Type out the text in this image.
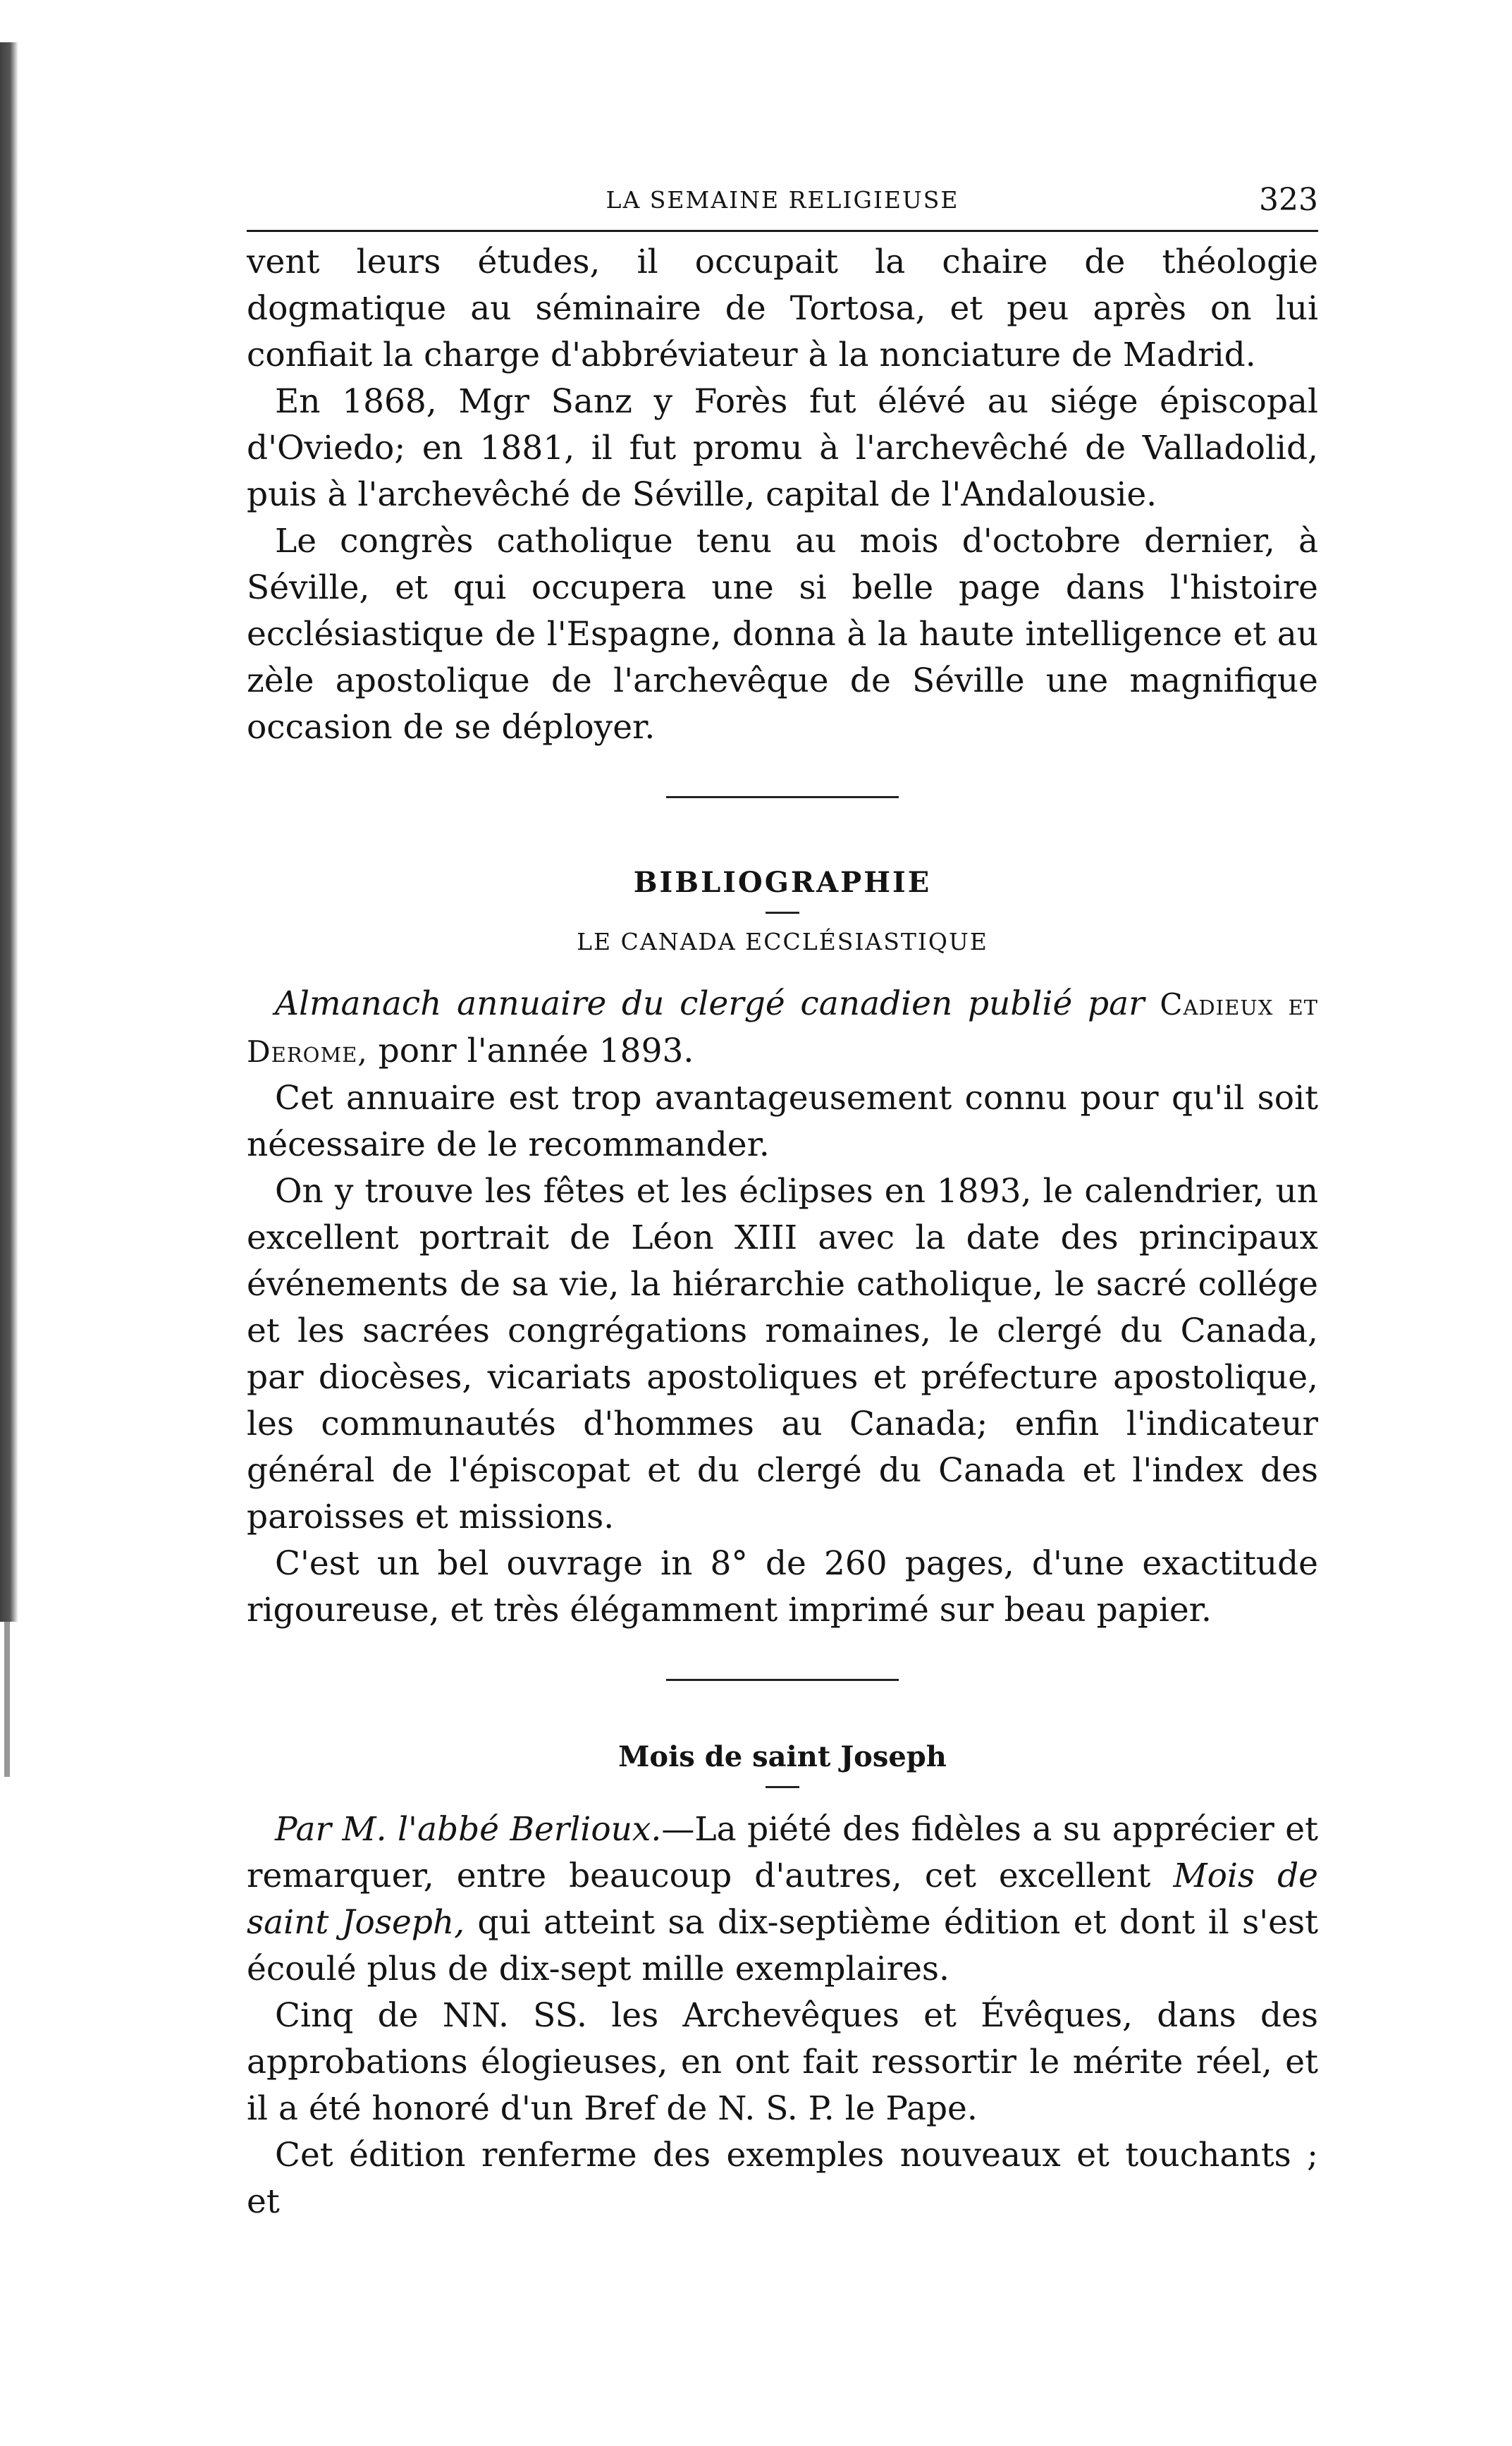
LA SEMAINE RELIGIEUSE	323

vent leurs études, il occupait la chaire de théologie dogmatique au séminaire de Tortosa, et peu après on lui confiait la charge d'abbréviateur à la nonciature de Madrid.

En 1868, Mgr Sanz y Forès fut élévé au siége épiscopal d'Oviedo; en 1881, il fut promu à l'archevêché de Valladolid, puis à l'archevêché de Séville, capital de l'Andalousie.

Le congrès catholique tenu au mois d'octobre dernier, à Séville, et qui occupera une si belle page dans l'histoire ecclésiastique de l'Espagne, donna à la haute intelligence et au zèle apostolique de l'archevêque de Séville une magnifique occasion de se déployer.

BIBLIOGRAPHIE
LE CANADA ECCLÉSIASTIQUE

Almanach annuaire du clergé canadien publié par Cadieux et Derome, ponr l'année 1893.

Cet annuaire est trop avantageusement connu pour qu'il soit nécessaire de le recommander.

On y trouve les fêtes et les éclipses en 1893, le calendrier, un excellent portrait de Léon XIII avec la date des principaux événements de sa vie, la hiérarchie catholique, le sacré collége et les sacrées congrégations romaines, le clergé du Canada, par diocèses, vicariats apostoliques et préfecture apostolique, les communautés d'hommes au Canada; enfin l'indicateur général de l'épiscopat et du clergé du Canada et l'index des paroisses et missions.

C'est un bel ouvrage in 8° de 260 pages, d'une exactitude rigoureuse, et très élégamment imprimé sur beau papier.

Mois de saint Joseph

Par M. l'abbé Berlioux.—La piété des fidèles a su apprécier et remarquer, entre beaucoup d'autres, cet excellent Mois de saint Joseph, qui atteint sa dix-septième édition et dont il s'est écoulé plus de dix-sept mille exemplaires.

Cinq de NN. SS. les Archevêques et Évêques, dans des approbations élogieuses, en ont fait ressortir le mérite réel, et il a été honoré d'un Bref de N. S. P. le Pape.

Cet édition renferme des exemples nouveaux et touchants ; et
